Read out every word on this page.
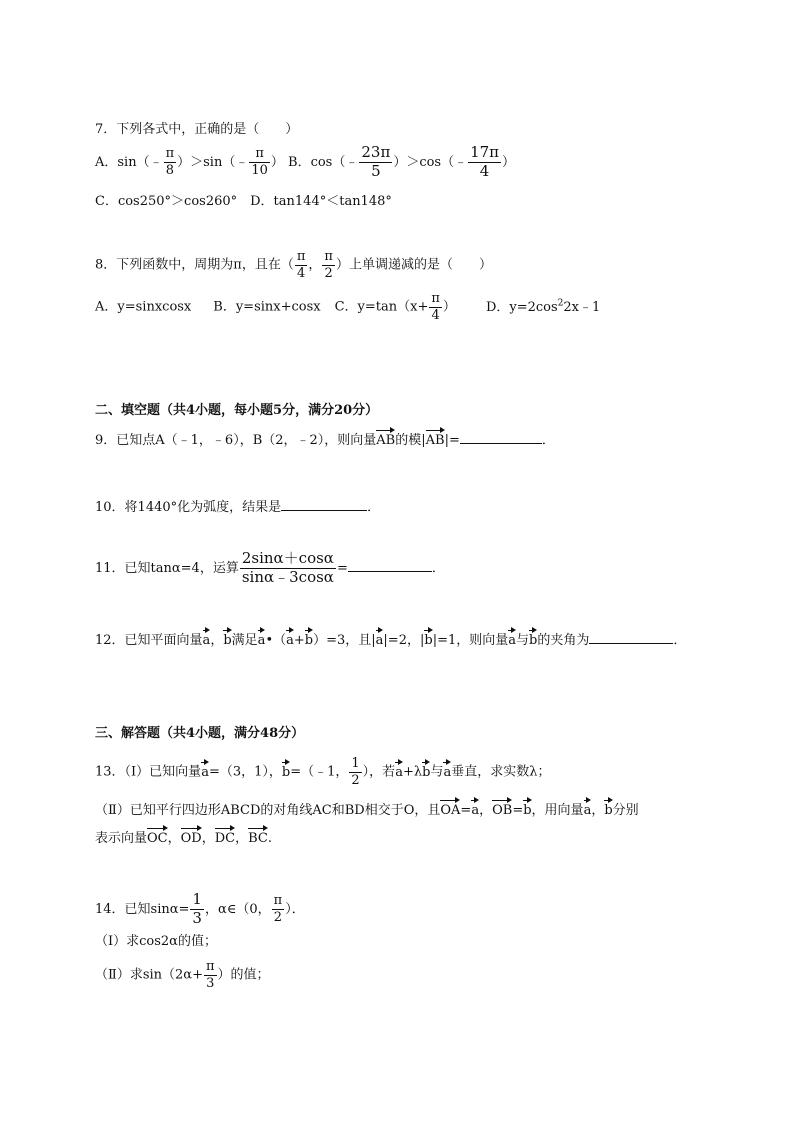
7．下列各式中，正确的是（　　）
A．sin（﹣ $\frac{\pi}{8}$ ）＞sin（﹣ $\frac{\pi}{10}$ ） B．cos（﹣ $\frac{23\pi}{5}$ ）＞cos（﹣ $\frac{17\pi}{4}$ ）
C．cos250°＞cos260°　D．tan144°＜tan148°
8．下列函数中，周期为π，且在（ $\frac{\pi}{4}$ ， $\frac{\pi}{2}$ ）上单调递减的是（　　）
A．y=sinxcosx B．y=sinx+cosx C．$y=\tan(x+ \frac{\pi}{4}$ ） D．$y=2\cos^22x﹣1$
二、填空题（共4小题，每小题5分，满分20分）
9．已知点A（﹣1，﹣6），B（2，﹣2），则向量AB的模|AB|=	．
10．将1440°化为弧度，结果是	．
11．已知tanα=4，运算 $\frac{2\sin\alpha+\cos\alpha}{\sin\alpha﹣3\cos\alpha}$ =	．
12．已知平面向量a，b满足a•（a+b）=3，且|a|=2，|b|=1，则向量a与b的夹角为	．
三、解答题（共4小题，满分48分）
13．（Ⅰ）已知向量a=（3，1），b=（﹣1， $\frac{1}{2}$ ），若a+λb与a垂直，求实数λ；
（Ⅱ）已知平行四边形ABCD的对角线AC和BD相交于O，且OA=a，OB=b，用向量a，b分别
表示向量OC，OD，DC，BC.
14．已知$\sin\alpha= \frac{1}{3}$ ，α∈（0， $\frac{\pi}{2}$ ）．
（Ⅰ）求cos2α的值；
（Ⅱ）求$\sin(2\alpha+ \frac{\pi}{3}$ ）的值；
